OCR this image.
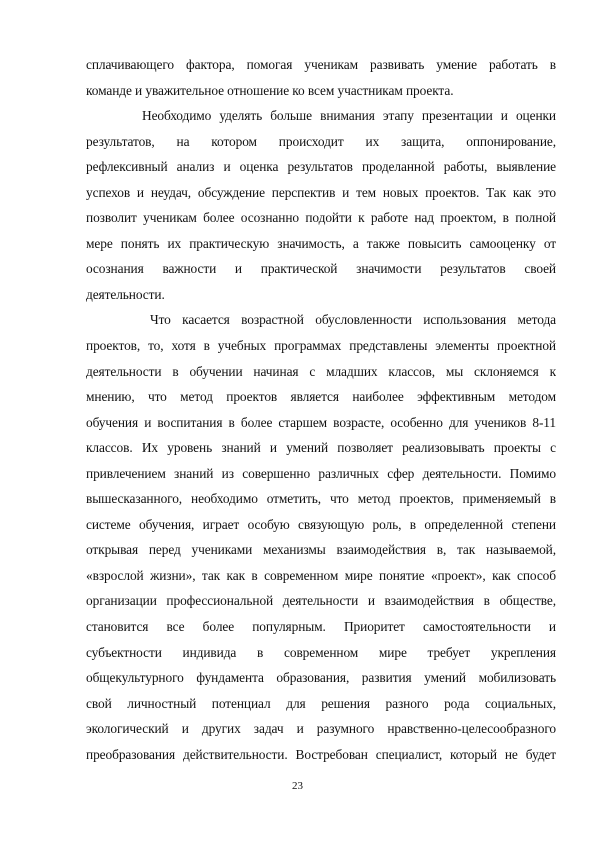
сплачивающего фактора, помогая ученикам развивать умение работать в
команде и уважительное отношение ко всем участникам проекта.
Необходимо уделять больше внимания этапу презентации и оценки
результатов, на котором происходит их защита, оппонирование,
рефлексивный анализ и оценка результатов проделанной работы, выявление
успехов и неудач, обсуждение перспектив и тем новых проектов. Так как это
позволит ученикам более осознанно подойти к работе над проектом, в полной
мере понять их практическую значимость, а также повысить самооценку от
осознания важности и практической значимости результатов своей
деятельности.
Что касается возрастной обусловленности использования метода
проектов, то, хотя в учебных программах представлены элементы проектной
деятельности в обучении начиная с младших классов, мы склоняемся к
мнению, что метод проектов является наиболее эффективным методом
обучения и воспитания в более старшем возрасте, особенно для учеников 8-11
классов. Их уровень знаний и умений позволяет реализовывать проекты с
привлечением знаний из совершенно различных сфер деятельности. Помимо
вышесказанного, необходимо отметить, что метод проектов, применяемый в
системе обучения, играет особую связующую роль, в определенной степени
открывая перед учениками механизмы взаимодействия в, так называемой,
«взрослой жизни», так как в современном мире понятие «проект», как способ
организации профессиональной деятельности и взаимодействия в обществе,
становится все более популярным. Приоритет самостоятельности и
субъектности индивида в современном мире требует укрепления
общекультурного фундамента образования, развития умений мобилизовать
свой личностный потенциал для решения разного рода социальных,
экологический и других задач и разумного нравственно-целесообразного
преобразования действительности. Востребован специалист, который не будет
23
